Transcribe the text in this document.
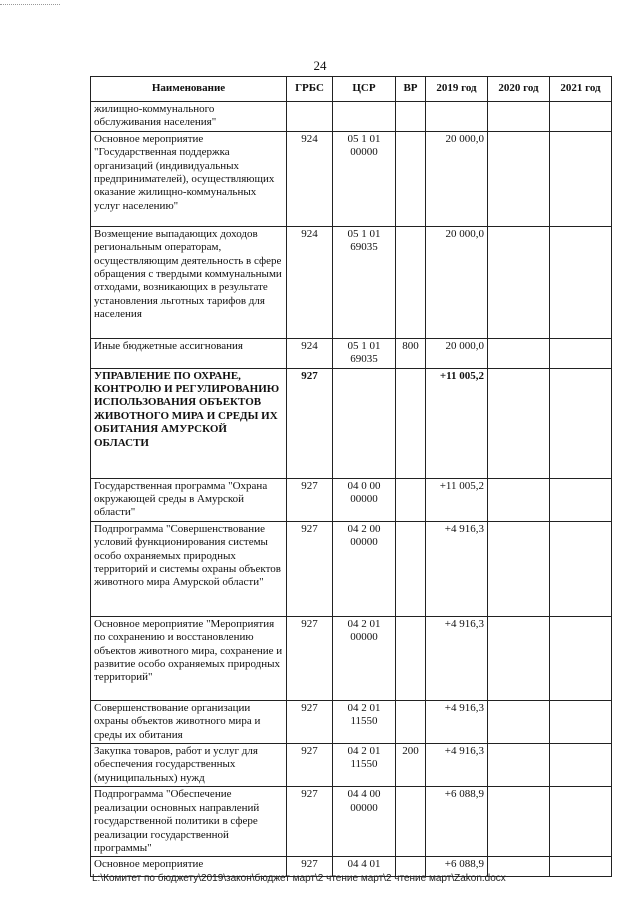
24
Наименование	ГРБС	ЦСР	ВР	2019 год	2020 год	2021 год
жилищно-коммунального обслуживания населения"						
Основное мероприятие "Государственная поддержка организаций (индивидуальных предпринимателей), осуществляющих оказание жилищно-коммунальных услуг населению"	924	05 1 01 00000		20 000,0		
Возмещение выпадающих доходов региональным операторам, осуществляющим деятельность в сфере обращения с твердыми коммунальными отходами, возникающих в результате установления льготных тарифов для населения	924	05 1 01 69035		20 000,0		
Иные бюджетные ассигнования	924	05 1 01 69035	800	20 000,0		
УПРАВЛЕНИЕ ПО ОХРАНЕ, КОНТРОЛЮ И РЕГУЛИРОВАНИЮ ИСПОЛЬЗОВАНИЯ ОБЪЕКТОВ ЖИВОТНОГО МИРА И СРЕДЫ ИХ ОБИТАНИЯ АМУРСКОЙ ОБЛАСТИ	927			+11 005,2		
Государственная программа "Охрана окружающей среды в Амурской области"	927	04 0 00 00000		+11 005,2		
Подпрограмма "Совершенствование условий функционирования системы особо охраняемых природных территорий и системы охраны объектов животного мира Амурской области"	927	04 2 00 00000		+4 916,3		
Основное мероприятие "Мероприятия по сохранению и восстановлению объектов животного мира, сохранение и развитие особо охраняемых природных территорий"	927	04 2 01 00000		+4 916,3		
Совершенствование организации охраны объектов животного мира и среды их обитания	927	04 2 01 11550		+4 916,3		
Закупка товаров, работ и услуг для обеспечения государственных (муниципальных) нужд	927	04 2 01 11550	200	+4 916,3		
Подпрограмма "Обеспечение реализации основных направлений государственной политики в сфере реализации государственной программы"	927	04 4 00 00000		+6 088,9		
Основное мероприятие	927	04 4 01		+6 088,9		
L:\Комитет по бюджету\2019\закон\бюджет март\2 чтение март\2 чтение март\Zakon.docx
